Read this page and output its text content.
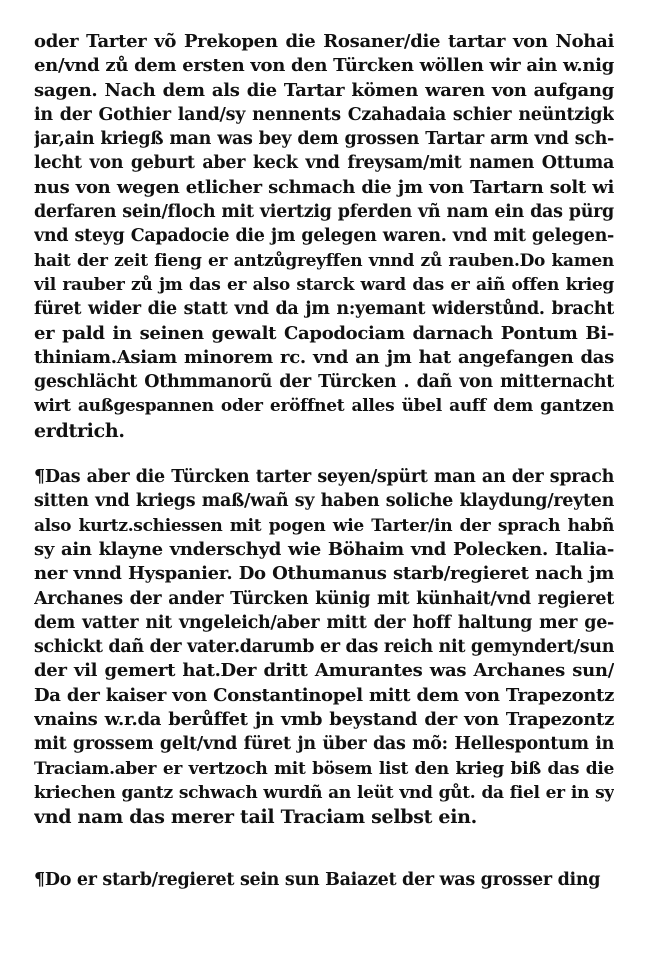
oder Tarter võ Prekopen die Rosaner/die tartar von Nohai
en/vnd zů dem ersten von den Türcken wöllen wir ain w.nig
sagen. Nach dem als die Tartar kömen waren von aufgang
in der Gothier land/sy nennents Czahadaia schier neüntzigk
jar,ain kriegß man was bey dem grossen Tartar arm vnd sch-
lecht von geburt aber keck vnd freysam/mit namen Ottuma
nus von wegen etlicher schmach die jm von Tartarn solt wi
derfaren sein/floch mit viertzig pferden vñ nam ein das pürg
vnd steyg Capadocie die jm gelegen waren. vnd mit gelegen-
hait der zeit fieng er antzůgreyffen vnnd zů rauben.Do kamen
vil rauber zů jm das er also starck ward das er aiñ offen krieg
füret wider die statt vnd da jm n:yemant widerstůnd. bracht
er pald in seinen gewalt Capodociam darnach Pontum Bi-
thiniam.Asiam minorem rc. vnd an jm hat angefangen das
geschlächt Othmmanorũ der Türcken . dañ von mitternacht
wirt außgespannen oder eröffnet alles übel auff dem gantzen
erdtrich.
¶Das aber die Türcken tarter seyen/spürt man an der sprach
sitten vnd kriegs maß/wañ sy haben soliche klaydung/reyten
also kurtz.schiessen mit pogen wie Tarter/in der sprach habñ
sy ain klayne vnderschyd wie Böhaim vnd Polecken. Italia-
ner vnnd Hyspanier. Do Othumanus starb/regieret nach jm
Archanes der ander Türcken künig mit künhait/vnd regieret
dem vatter nit vngeleich/aber mitt der hoff haltung mer ge-
schickt dañ der vater.darumb er das reich nit gemyndert/sun
der vil gemert hat.Der dritt Amurantes was Archanes sun/
Da der kaiser von Constantinopel mitt dem von Trapezontz
vnains w.r.da berůffet jn vmb beystand der von Trapezontz
mit grossem gelt/vnd füret jn über das mõ: Hellespontum in
Traciam.aber er vertzoch mit bösem list den krieg biß das die
kriechen gantz schwach wurdñ an leüt vnd gůt. da fiel er in sy
vnd nam das merer tail Traciam selbst ein.
¶Do er starb/regieret sein sun Baiazet der was grosser ding
